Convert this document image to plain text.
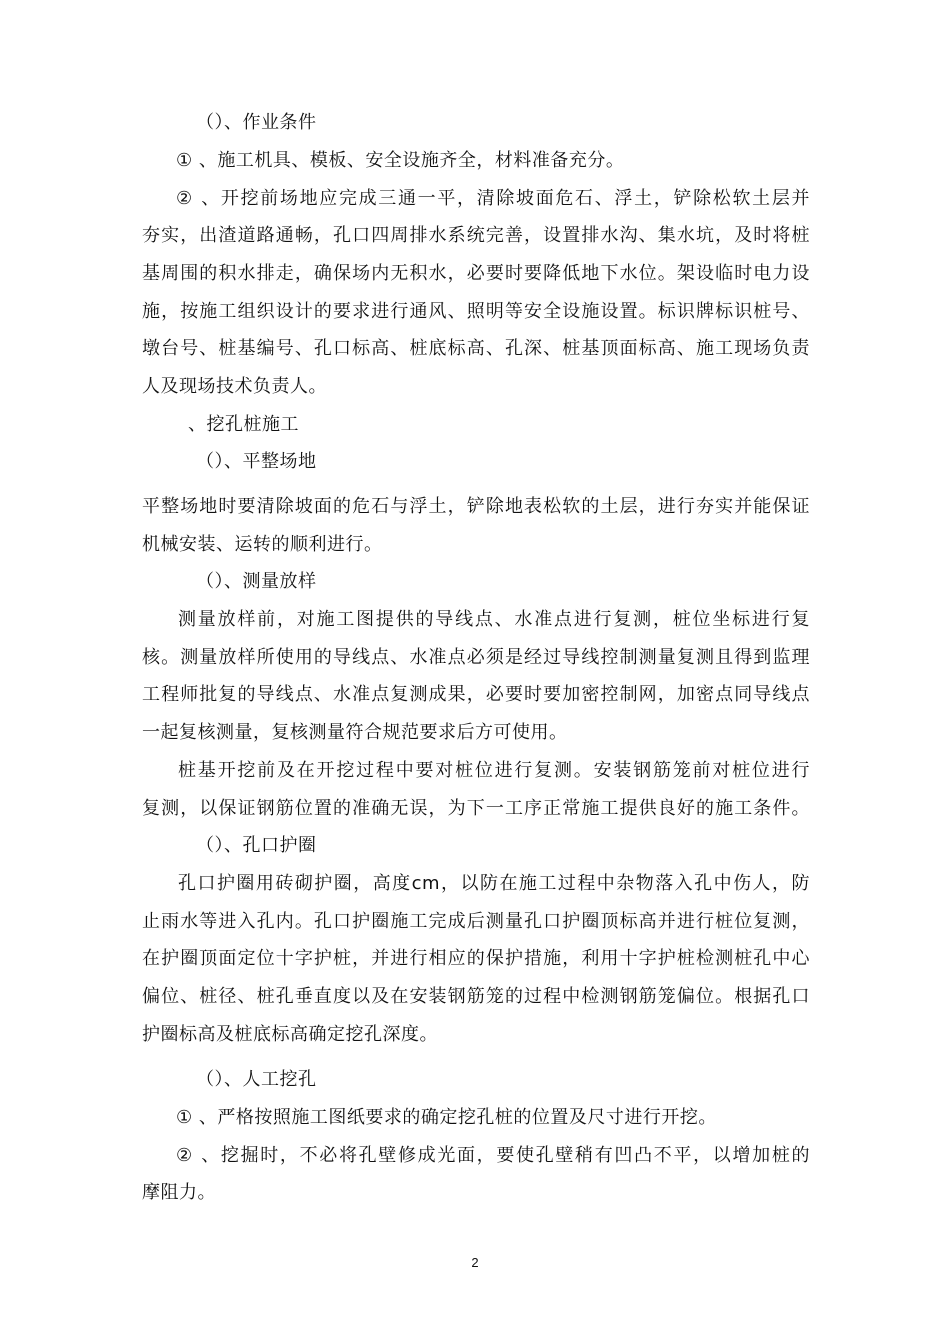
（）、作业条件
① 、施工机具、模板、安全设施齐全，材料准备充分。
② 、开挖前场地应完成三通一平，清除坡面危石、浮土，铲除松软土层并
夯实，出渣道路通畅，孔口四周排水系统完善，设置排水沟、集水坑，及时将桩
基周围的积水排走，确保场内无积水，必要时要降低地下水位。架设临时电力设
施，按施工组织设计的要求进行通风、照明等安全设施设置。标识牌标识桩号、
墩台号、桩基编号、孔口标高、桩底标高、孔深、桩基顶面标高、施工现场负责
人及现场技术负责人。
、挖孔桩施工
（）、平整场地
平整场地时要清除坡面的危石与浮土，铲除地表松软的土层，进行夯实并能保证
机械安装、运转的顺利进行。
（）、测量放样
测量放样前，对施工图提供的导线点、水准点进行复测，桩位坐标进行复
核。测量放样所使用的导线点、水准点必须是经过导线控制测量复测且得到监理
工程师批复的导线点、水准点复测成果，必要时要加密控制网，加密点同导线点
一起复核测量，复核测量符合规范要求后方可使用。
桩基开挖前及在开挖过程中要对桩位进行复测。安装钢筋笼前对桩位进行
复测，以保证钢筋位置的准确无误，为下一工序正常施工提供良好的施工条件。
（）、孔口护圈
孔口护圈用砖砌护圈，高度cm，以防在施工过程中杂物落入孔中伤人，防
止雨水等进入孔内。孔口护圈施工完成后测量孔口护圈顶标高并进行桩位复测，
在护圈顶面定位十字护桩，并进行相应的保护措施，利用十字护桩检测桩孔中心
偏位、桩径、桩孔垂直度以及在安装钢筋笼的过程中检测钢筋笼偏位。根据孔口
护圈标高及桩底标高确定挖孔深度。
（）、人工挖孔
① 、严格按照施工图纸要求的确定挖孔桩的位置及尺寸进行开挖。
② 、挖掘时，不必将孔壁修成光面，要使孔壁稍有凹凸不平，以增加桩的
摩阻力。
2
